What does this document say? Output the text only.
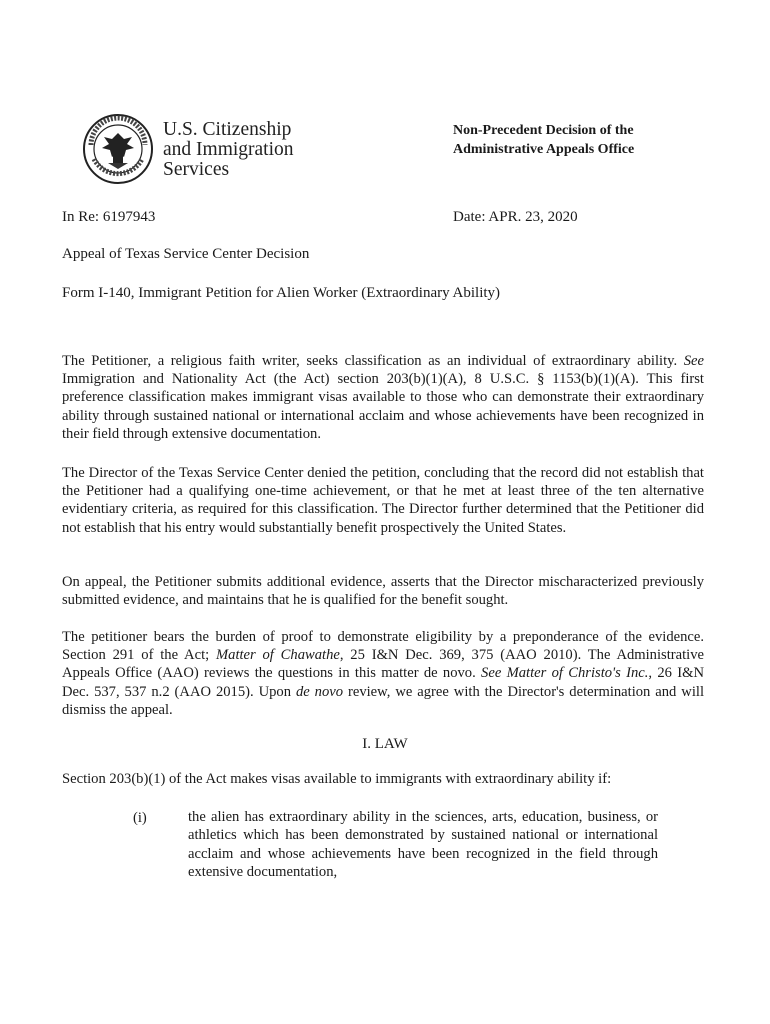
U.S. Citizenship
and Immigration
Services
Non-Precedent Decision of the
Administrative Appeals Office
In Re: 6197943	Date: APR. 23, 2020
Appeal of Texas Service Center Decision
Form I-140, Immigrant Petition for Alien Worker (Extraordinary Ability)

The Petitioner, a religious faith writer, seeks classification as an individual of extraordinary ability. See Immigration and Nationality Act (the Act) section 203(b)(1)(A), 8 U.S.C. § 1153(b)(1)(A). This first preference classification makes immigrant visas available to those who can demonstrate their extraordinary ability through sustained national or international acclaim and whose achievements have been recognized in their field through extensive documentation.

The Director of the Texas Service Center denied the petition, concluding that the record did not establish that the Petitioner had a qualifying one-time achievement, or that he met at least three of the ten alternative evidentiary criteria, as required for this classification. The Director further determined that the Petitioner did not establish that his entry would substantially benefit prospectively the United States.

On appeal, the Petitioner submits additional evidence, asserts that the Director mischaracterized previously submitted evidence, and maintains that he is qualified for the benefit sought.

The petitioner bears the burden of proof to demonstrate eligibility by a preponderance of the evidence. Section 291 of the Act; Matter of Chawathe, 25 I&N Dec. 369, 375 (AAO 2010). The Administrative Appeals Office (AAO) reviews the questions in this matter de novo. See Matter of Christo's Inc., 26 I&N Dec. 537, 537 n.2 (AAO 2015). Upon de novo review, we agree with the Director's determination and will dismiss the appeal.

I. LAW
Section 203(b)(1) of the Act makes visas available to immigrants with extraordinary ability if:
(i)	the alien has extraordinary ability in the sciences, arts, education, business, or athletics which has been demonstrated by sustained national or international acclaim and whose achievements have been recognized in the field through extensive documentation,
